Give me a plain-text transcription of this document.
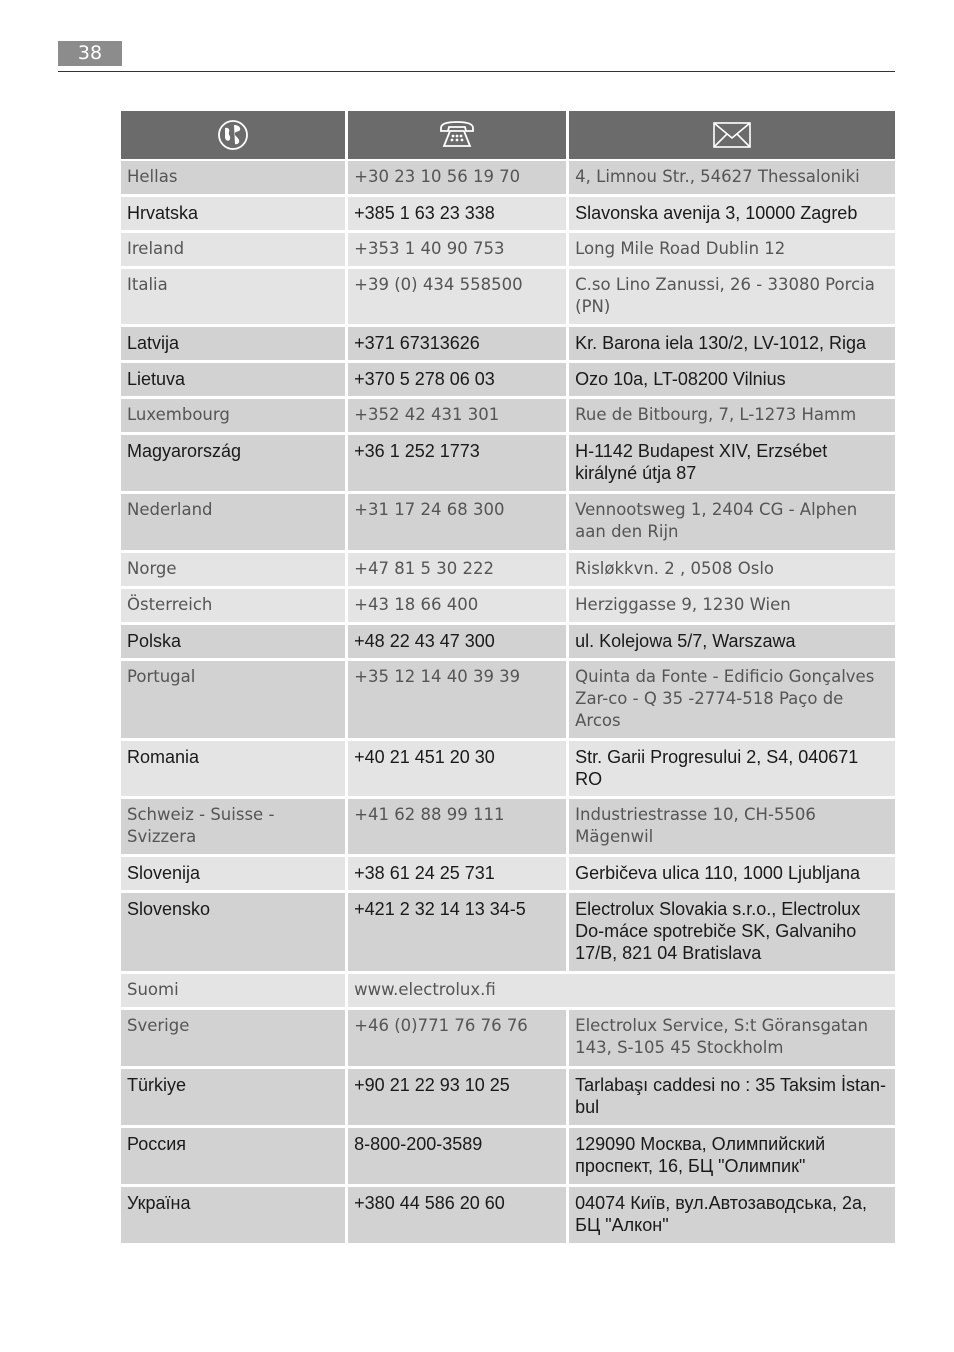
38

Hellas	+30 23 10 56 19 70	4, Limnou Str., 54627 Thessaloniki
Hrvatska	+385 1 63 23 338	Slavonska avenija 3, 10000 Zagreb
Ireland	+353 1 40 90 753	Long Mile Road Dublin 12
Italia	+39 (0) 434 558500	C.so Lino Zanussi, 26 - 33080 Porcia (PN)
Latvija	+371 67313626	Kr. Barona iela 130/2, LV-1012, Riga
Lietuva	+370 5 278 06 03	Ozo 10a, LT-08200 Vilnius
Luxembourg	+352 42 431 301	Rue de Bitbourg, 7, L-1273 Hamm
Magyarország	+36 1 252 1773	H-1142 Budapest XIV, Erzsébet királyné útja 87
Nederland	+31 17 24 68 300	Vennootsweg 1, 2404 CG - Alphen aan den Rijn
Norge	+47 81 5 30 222	Risløkkvn. 2 , 0508 Oslo
Österreich	+43 18 66 400	Herziggasse 9, 1230 Wien
Polska	+48 22 43 47 300	ul. Kolejowa 5/7, Warszawa
Portugal	+35 12 14 40 39 39	Quinta da Fonte - Edificio Gonçalves Zar-co - Q 35 -2774-518 Paço de Arcos
Romania	+40 21 451 20 30	Str. Garii Progresului 2, S4, 040671 RO
Schweiz - Suisse - Svizzera	+41 62 88 99 111	Industriestrasse 10, CH-5506 Mägenwil
Slovenija	+38 61 24 25 731	Gerbičeva ulica 110, 1000 Ljubljana
Slovensko	+421 2 32 14 13 34-5	Electrolux Slovakia s.r.o., Electrolux Do-mácе spotrebiče SK, Galvaniho 17/B, 821 04 Bratislava
Suomi	www.electrolux.fi	
Sverige	+46 (0)771 76 76 76	Electrolux Service, S:t Göransgatan 143, S-105 45 Stockholm
Türkiye	+90 21 22 93 10 25	Tarlabaşı caddesi no : 35 Taksim İstan-bul
Россия	8-800-200-3589	129090 Москва, Олимпийский проспект, 16, БЦ "Олимпик"
Україна	+380 44 586 20 60	04074 Київ, вул.Автозаводська, 2а, БЦ "Алкон"
